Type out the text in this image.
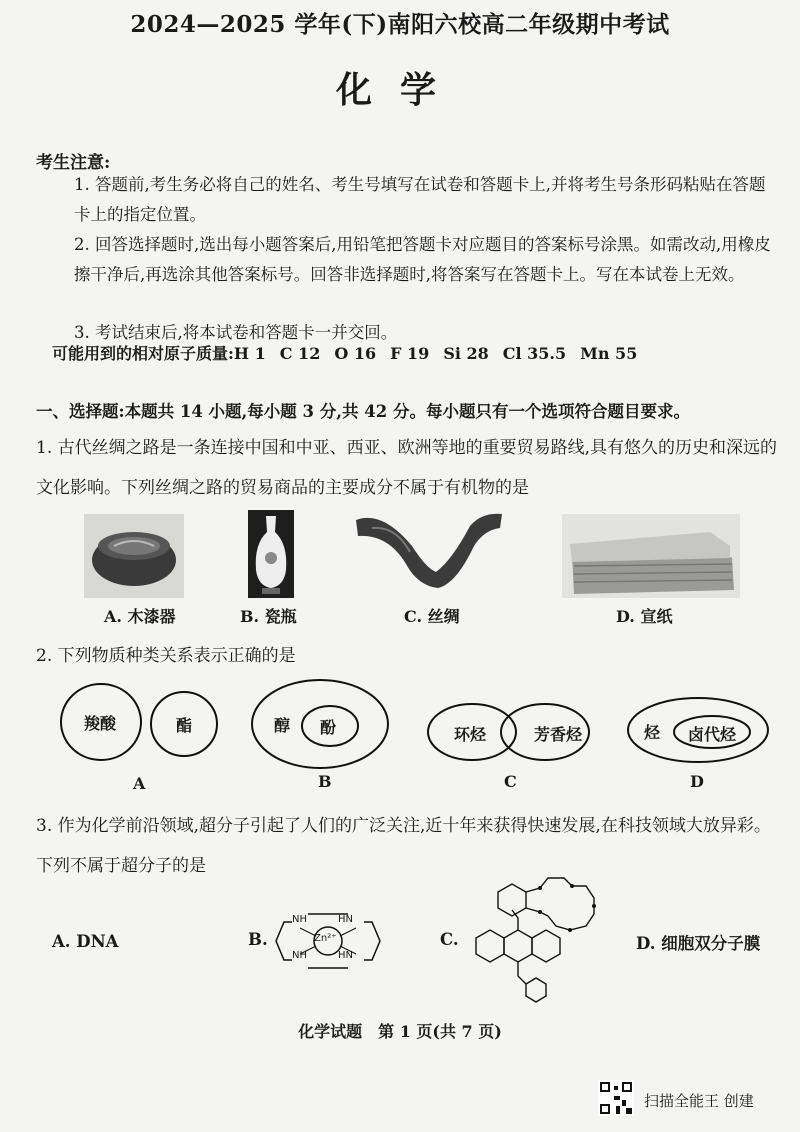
2024—2025 学年(下)南阳六校高二年级期中考试
化学
考生注意:
1. 答题前,考生务必将自己的姓名、考生号填写在试卷和答题卡上,并将考生号条形码粘贴在答题卡上的指定位置。
2. 回答选择题时,选出每小题答案后,用铅笔把答题卡对应题目的答案标号涂黑。如需改动,用橡皮擦干净后,再选涂其他答案标号。回答非选择题时,将答案写在答题卡上。写在本试卷上无效。
3. 考试结束后,将本试卷和答题卡一并交回。
可能用到的相对原子质量:H 1 C 12 O 16 F 19 Si 28 Cl 35.5 Mn 55
一、选择题:本题共 14 小题,每小题 3 分,共 42 分。每小题只有一个选项符合题目要求。
1. 古代丝绸之路是一条连接中国和中亚、西亚、欧洲等地的重要贸易路线,具有悠久的历史和深远的文化影响。下列丝绸之路的贸易商品的主要成分不属于有机物的是
A. 木漆器	B. 瓷瓶	C. 丝绸	D. 宣纸
2. 下列物质种类关系表示正确的是
羧酸	酯	醇 酚	环烃	芳香烃	烃 卤代烃
A	B	C	D
3. 作为化学前沿领域,超分子引起了人们的广泛关注,近十年来获得快速发展,在科技领域大放异彩。下列不属于超分子的是
A. DNA	B.	C.	D. 细胞双分子膜
NH	HN
NH	HN
Zn²⁺
化学试题　第 1 页(共 7 页)
扫描全能王 创建
